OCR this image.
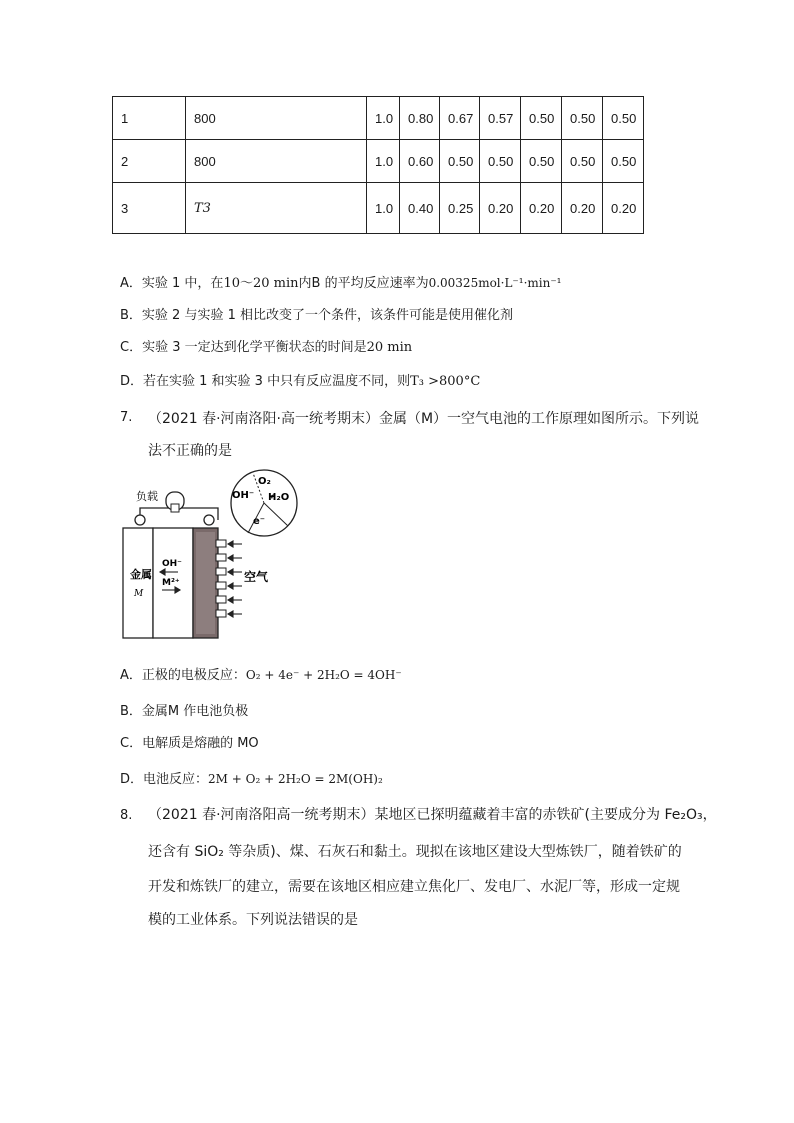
1	800	1.0	0.80	0.67	0.57	0.50	0.50	0.50
2	800	1.0	0.60	0.50	0.50	0.50	0.50	0.50
3	T3	1.0	0.40	0.25	0.20	0.20	0.20	0.20
A．实验 1 中，在10～20 min内B 的平均反应速率为0.00325mol·L⁻¹·min⁻¹
B．实验 2 与实验 1 相比改变了一个条件，该条件可能是使用催化剂
C．实验 3 一定达到化学平衡状态的时间是20 min
D．若在实验 1 和实验 3 中只有反应温度不同，则T₃ >800°C
7. （2021 春·河南洛阳·高一统考期末）金属（M）一空气电池的工作原理如图所示。下列说
法不正确的是
负载
空气
金属
M
OH⁻
M²⁺
OH⁻
O₂
H₂O
e⁻
A．正极的电极反应：O₂ + 4e⁻ + 2H₂O = 4OH⁻
B．金属M 作电池负极
C．电解质是熔融的 MO
D．电池反应：2M + O₂ + 2H₂O = 2M(OH)₂
8. （2021 春·河南洛阳高一统考期末）某地区已探明蕴藏着丰富的赤铁矿(主要成分为 Fe₂O₃，
还含有 SiO₂ 等杂质)、煤、石灰石和黏土。现拟在该地区建设大型炼铁厂，随着铁矿的
开发和炼铁厂的建立，需要在该地区相应建立焦化厂、发电厂、水泥厂等，形成一定规
模的工业体系。下列说法错误的是
